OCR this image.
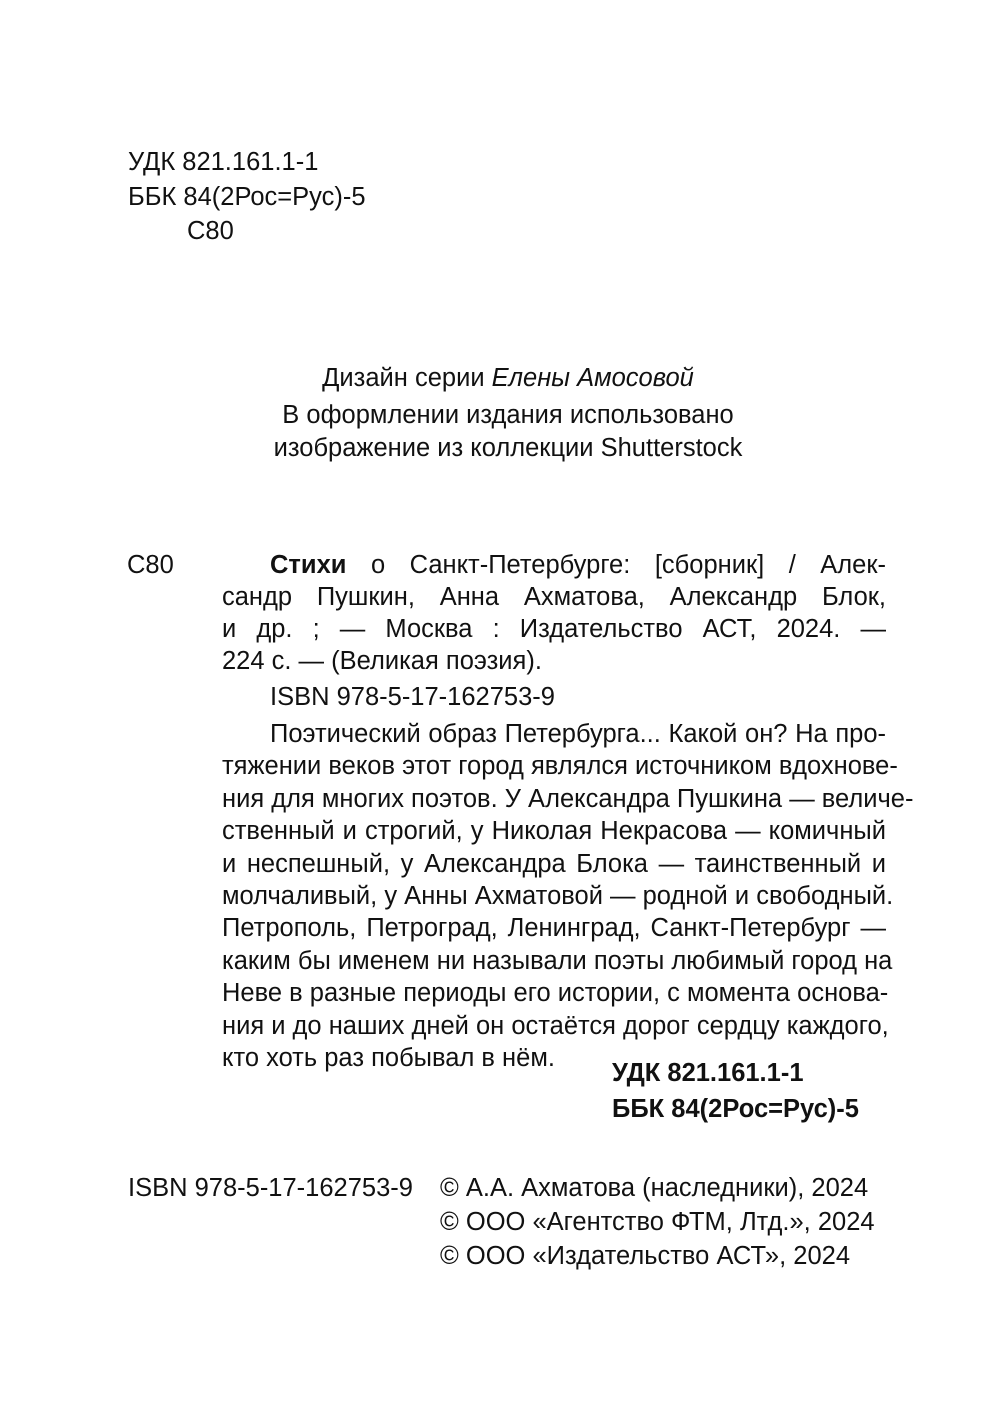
УДК 821.161.1-1
ББК 84(2Рос=Рус)-5
С80
Дизайн серии Елены Амосовой
В оформлении издания использовано
изображение из коллекции Shutterstock
С80	Стихи о Санкт-Петербурге: [сборник] / Алек-
сандр Пушкин, Анна Ахматова, Александр Блок,
и др. ; — Москва : Издательство АСТ, 2024. —
224 с. — (Великая поэзия).
ISBN 978-5-17-162753-9
Поэтический образ Петербурга... Какой он? На про-
тяжении веков этот город являлся источником вдохнове-
ния для многих поэтов. У Александра Пушкина — величе-
ственный и строгий, у Николая Некрасова — комичный
и неспешный, у Александра Блока — таинственный и
молчаливый, у Анны Ахматовой — родной и свободный.
Петрополь, Петроград, Ленинград, Санкт-Петербург —
каким бы именем ни называли поэты любимый город на
Неве в разные периоды его истории, с момента основа-
ния и до наших дней он остаётся дорог сердцу каждого,
кто хоть раз побывал в нём.
УДК 821.161.1-1
ББК 84(2Рос=Рус)-5
ISBN 978-5-17-162753-9 © А.А. Ахматова (наследники), 2024
© ООО «Агентство ФТМ, Лтд.», 2024
© ООО «Издательство АСТ», 2024
